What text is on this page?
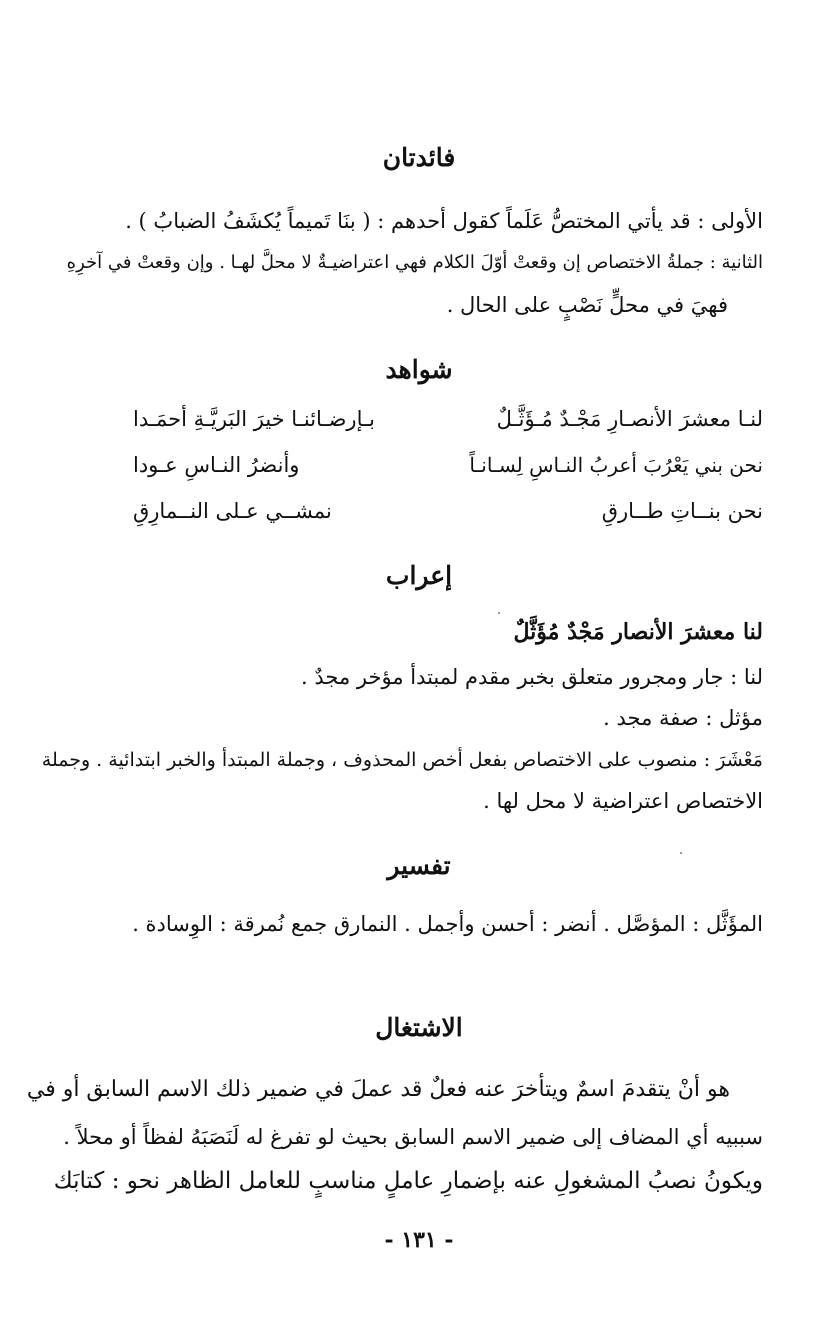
فائدتان
الأولى : قد يأتي المختصُّ عَلَماً كقول أحدهم : ( بنَا تَميماً يُكشَفُ الضبابُ ) .
الثانية : جملةُ الاختصاص إن وقعتْ أوّلَ الكلام فهي اعتراضيـةٌ لا محلَّ لهـا . وإن وقعتْ في آخرِهِ
فهيَ في محلٍّ نَصْبٍ على الحال .
شواهد
لنـا معشرَ الأنصـارِ مَجْـدٌ مُـؤَثَّـلٌ
بـإرضـائنـا خيرَ البَريَّـةِ أحمَـدا
نحن بني يَعْرُبَ أعربُ النـاسِ لِسـانـاً
وأنضرُ النـاسِ عـودا
نحن بنــاتِ طــارقِ
نمشــي عـلى النــمارِقِ
إعراب
لنا معشرَ الأنصار مَجْدٌ مُؤَثَّلٌ
لنا : جار ومجرور متعلق بخبر مقدم لمبتدأ مؤخر مجدٌ .
مؤثل : صفة مجد .
مَعْشَرَ : منصوب على الاختصاص بفعل أخص المحذوف ، وجملة المبتدأ والخبر ابتدائية . وجملة
الاختصاص اعتراضية لا محل لها .
تفسير
المؤَثَّل : المؤصَّل . أنضر : أحسن وأجمل . النمارق جمع نُمرقة : الوِسادة .
الاشتغال
هو أنْ يتقدمَ اسمٌ ويتأخرَ عنه فعلٌ قد عملَ في ضمير ذلك الاسم السابق أو في
سببيه أي المضاف إلى ضمير الاسم السابق بحيث لو تفرغ له لَنَصَبَهُ لفظاً أو محلاً .
ويكونُ نصبُ المشغولِ عنه بإضمارِ عاملٍ مناسبٍ للعامل الظاهر نحو : كتابَك
- ١٣١ -
